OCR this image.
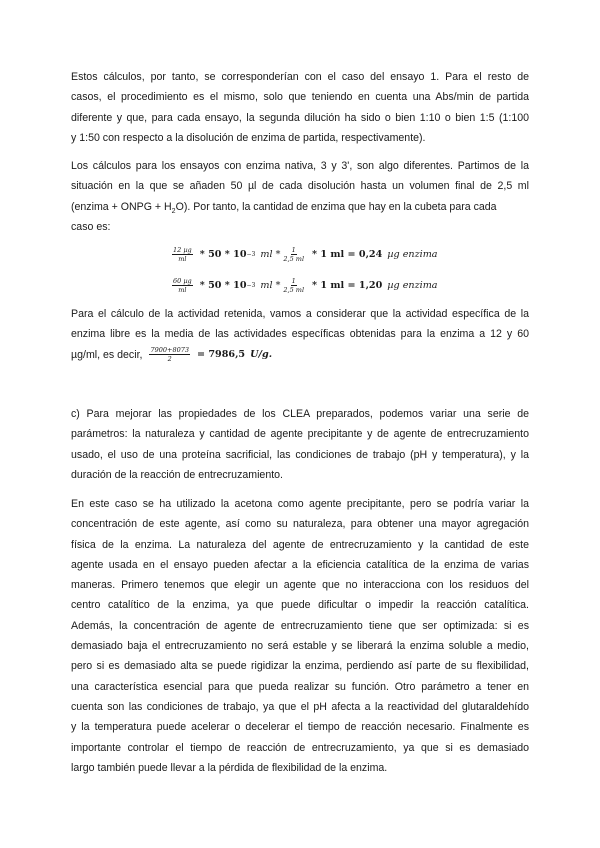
Estos cálculos, por tanto, se corresponderían con el caso del ensayo 1. Para el resto de
casos, el procedimiento es el mismo, solo que teniendo en cuenta una Abs/min de partida
diferente y que, para cada ensayo, la segunda dilución ha sido o bien 1:10 o bien 1:5 (1:100
y 1:50 con respecto a la disolución de enzima de partida, respectivamente).

Los cálculos para los ensayos con enzima nativa, 3 y 3', son algo diferentes. Partimos de la
situación en la que se añaden 50 µl de cada disolución hasta un volumen final de 2,5 ml
(enzima + ONPG + $H_2O$). Por tanto, la cantidad de enzima que hay en la cubeta para cada
caso es:

$\frac{\text{12 µg}}{ml} * 50 * 10 -3$ ml * $\frac{1}{2,5 ml} * 1$ ml = 0,24 µg enzima
$\frac{\text{60 µg}}{ml} * 50 * 10 -3$ ml * $\frac{1}{2,5 ml} * 1$ ml = 1,20 µg enzima

Para el cálculo de la actividad retenida, vamos a considerar que la actividad específica de la
enzima libre es la media de las actividades específicas obtenidas para la enzima a 12 y 60
µg/ml, es decir, $\frac{7900+8073}{2} = 7986,5$ U/g.

c) Para mejorar las propiedades de los CLEA preparados, podemos variar una serie de
parámetros: la naturaleza y cantidad de agente precipitante y de agente de entrecruzamiento
usado, el uso de una proteína sacrificial, las condiciones de trabajo (pH y temperatura), y la
duración de la reacción de entrecruzamiento.

En este caso se ha utilizado la acetona como agente precipitante, pero se podría variar la
concentración de este agente, así como su naturaleza, para obtener una mayor agregación
física de la enzima. La naturaleza del agente de entrecruzamiento y la cantidad de este
agente usada en el ensayo pueden afectar a la eficiencia catalítica de la enzima de varias
maneras. Primero tenemos que elegir un agente que no interacciona con los residuos del
centro catalítico de la enzima, ya que puede dificultar o impedir la reacción catalítica.
Además, la concentración de agente de entrecruzamiento tiene que ser optimizada: si es
demasiado baja el entrecruzamiento no será estable y se liberará la enzima soluble a medio,
pero si es demasiado alta se puede rigidizar la enzima, perdiendo así parte de su flexibilidad,
una característica esencial para que pueda realizar su función. Otro parámetro a tener en
cuenta son las condiciones de trabajo, ya que el pH afecta a la reactividad del glutaraldehído
y la temperatura puede acelerar o decelerar el tiempo de reacción necesario. Finalmente es
importante controlar el tiempo de reacción de entrecruzamiento, ya que si es demasiado
largo también puede llevar a la pérdida de flexibilidad de la enzima.
